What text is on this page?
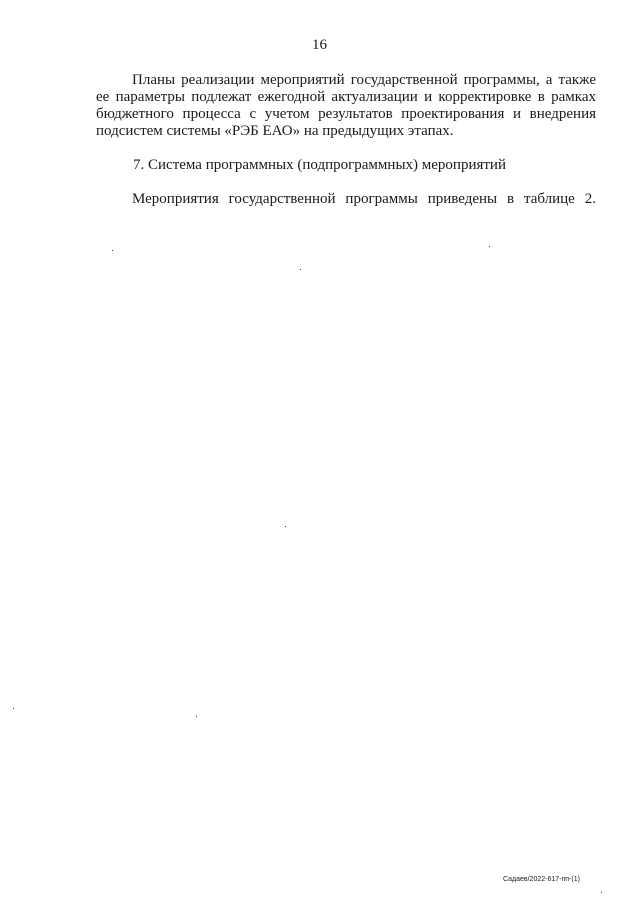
16
Планы реализации мероприятий государственной программы, а также
ее параметры подлежат ежегодной актуализации и корректировке в рамках
бюджетного процесса с учетом результатов проектирования и внедрения
подсистем системы «РЭБ ЕАО» на предыдущих этапах.
7. Система программных (подпрограммных) мероприятий
Мероприятия государственной программы приведены в таблице 2.
Садаев/2022-617-пп-(1)
